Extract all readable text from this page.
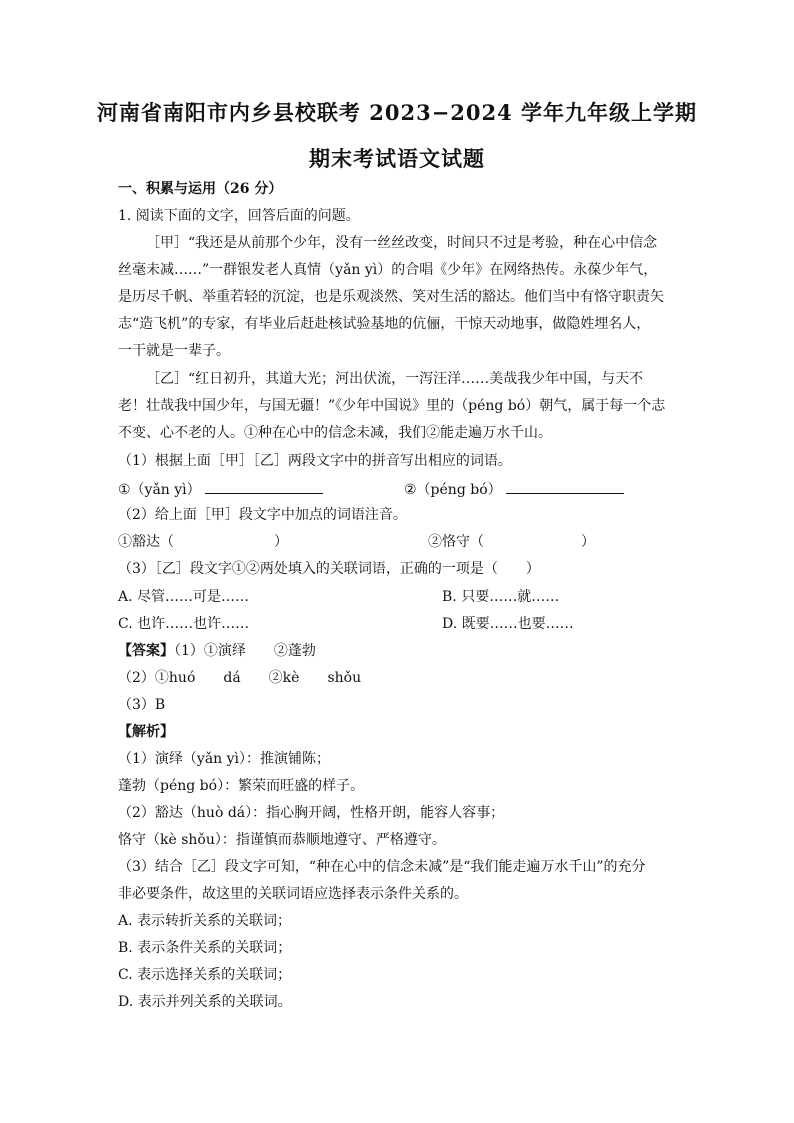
河南省南阳市内乡县校联考 2023−2024 学年九年级上学期
期末考试语文试题
一、积累与运用（26 分）
1. 阅读下面的文字，回答后面的问题。
［甲］“我还是从前那个少年，没有一丝丝改变，时间只不过是考验，种在心中信念
丝毫未减……”一群银发老人真情（yǎn yì）的合唱《少年》在网络热传。永葆少年气，
是历尽千帆、举重若轻的沉淀，也是乐观淡然、笑对生活的豁达。他们当中有恪守职责矢
志“造飞机”的专家，有毕业后赶赴核试验基地的伉俪，干惊天动地事，做隐姓埋名人，
一干就是一辈子。
［乙］“红日初升，其道大光；河出伏流，一泻汪洋……美哉我少年中国，与天不
老！壮哉我中国少年，与国无疆！”《少年中国说》里的（péng bó）朝气，属于每一个志
不变、心不老的人。①种在心中的信念未减，我们②能走遍万水千山。
（1）根据上面［甲］［乙］两段文字中的拼音写出相应的词语。
①（yǎn yì）	②（péng bó）
（2）给上面［甲］段文字中加点的词语注音。
①豁达（	）	②恪守（	）
（3）［乙］段文字①②两处填入的关联词语，正确的一项是（　　）
A. 尽管……可是……	B. 只要……就……
C. 也许……也许……	D. 既要……也要……
【答案】（1）①演绎　　②蓬勃
（2）①huó　　dá　　②kè　　shǒu
（3）B
【解析】
（1）演绎（yǎn yì）：推演铺陈；
蓬勃（péng bó）：繁荣而旺盛的样子。
（2）豁达（huò dá）：指心胸开阔，性格开朗，能容人容事；
恪守（kè shǒu）：指谨慎而恭顺地遵守、严格遵守。
（3）结合［乙］段文字可知，“种在心中的信念未减”是“我们能走遍万水千山”的充分
非必要条件，故这里的关联词语应选择表示条件关系的。
A. 表示转折关系的关联词；
B. 表示条件关系的关联词；
C. 表示选择关系的关联词；
D. 表示并列关系的关联词。
